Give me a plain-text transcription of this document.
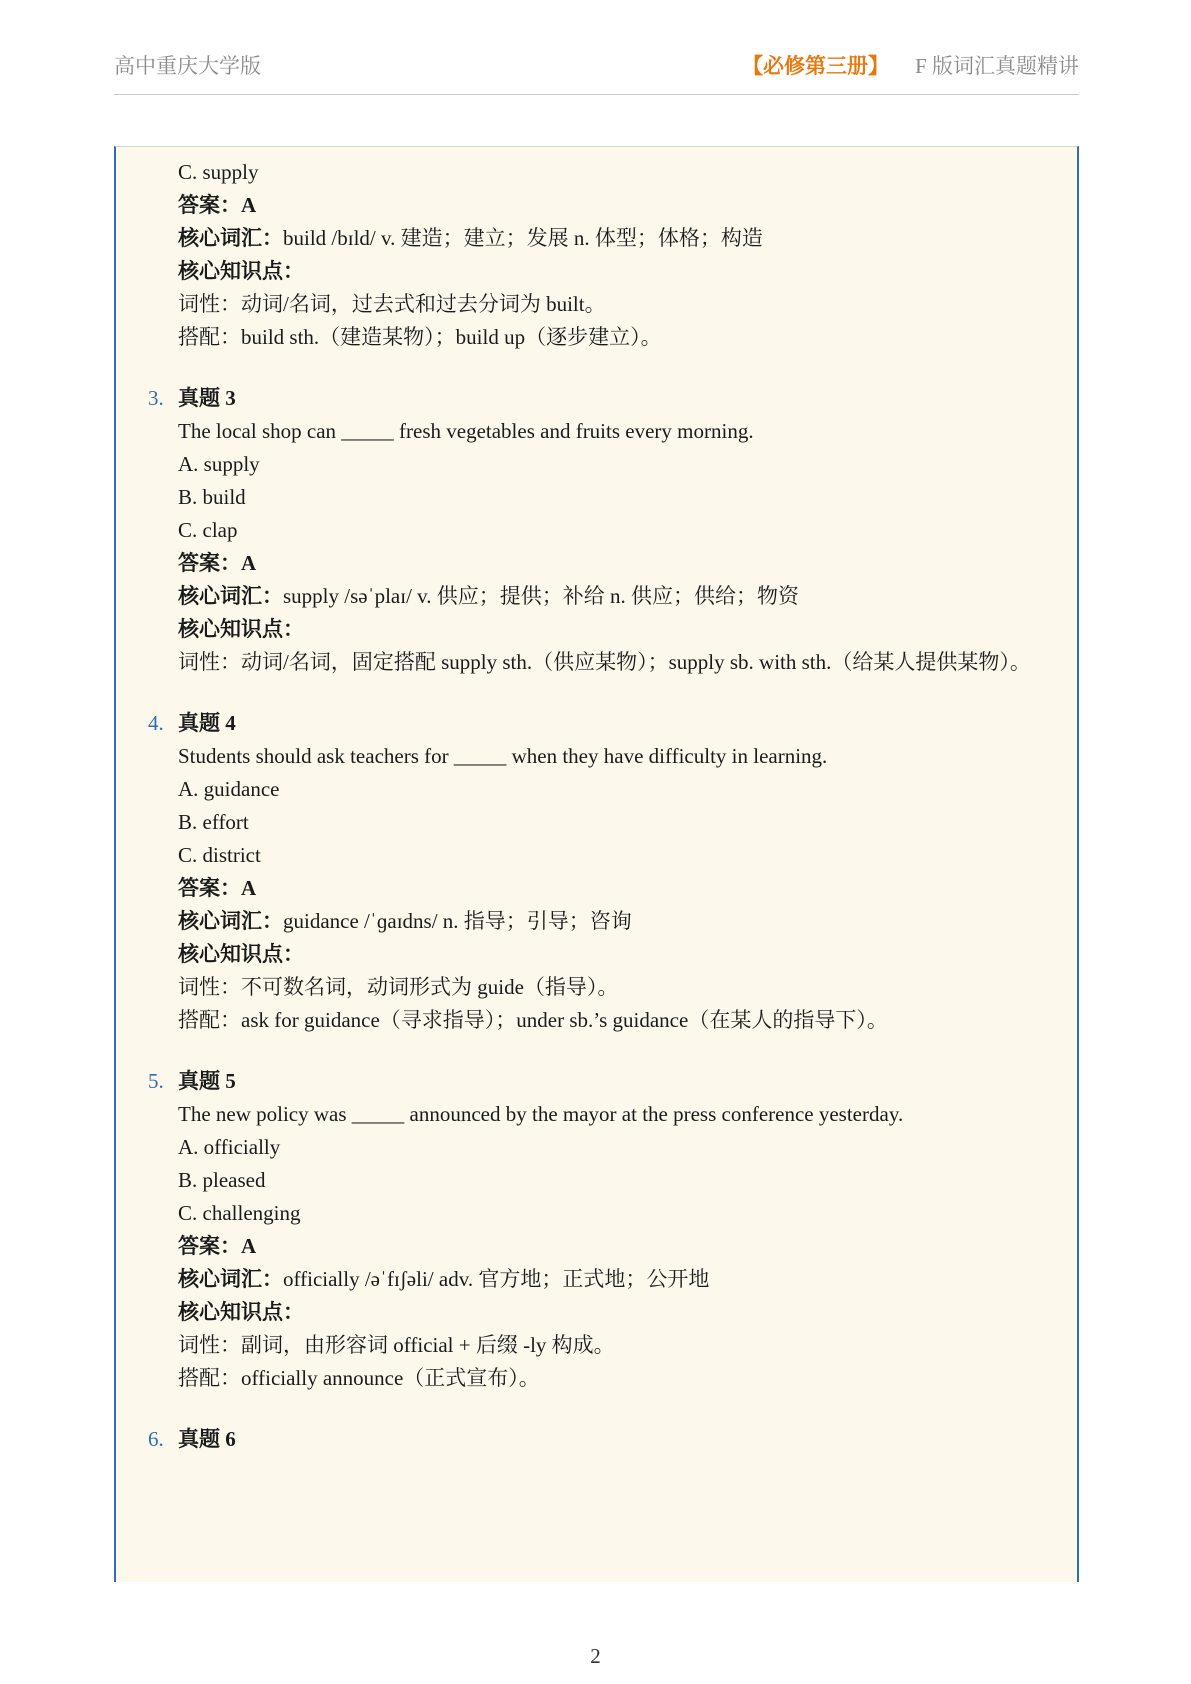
高中重庆大学版	【必修第三册】 F 版词汇真题精讲
C. supply
答案：A
核心词汇：build /bɪld/ v. 建造；建立；发展 n. 体型；体格；构造
核心知识点：
词性：动词/名词，过去式和过去分词为 built。
搭配：build sth.（建造某物）；build up（逐步建立）。
3. 真题 3
The local shop can _____ fresh vegetables and fruits every morning.
A. supply
B. build
C. clap
答案：A
核心词汇：supply /səˈplaɪ/ v. 供应；提供；补给 n. 供应；供给；物资
核心知识点：
词性：动词/名词，固定搭配 supply sth.（供应某物）；supply sb. with sth.（给某人提供某物）。
4. 真题 4
Students should ask teachers for _____ when they have difficulty in learning.
A. guidance
B. effort
C. district
答案：A
核心词汇：guidance /ˈɡaɪdns/ n. 指导；引导；咨询
核心知识点：
词性：不可数名词，动词形式为 guide（指导）。
搭配：ask for guidance（寻求指导）；under sb.’s guidance（在某人的指导下）。
5. 真题 5
The new policy was _____ announced by the mayor at the press conference yesterday.
A. officially
B. pleased
C. challenging
答案：A
核心词汇：officially /əˈfɪʃəli/ adv. 官方地；正式地；公开地
核心知识点：
词性：副词，由形容词 official + 后缀 -ly 构成。
搭配：officially announce（正式宣布）。
6. 真题 6
2
